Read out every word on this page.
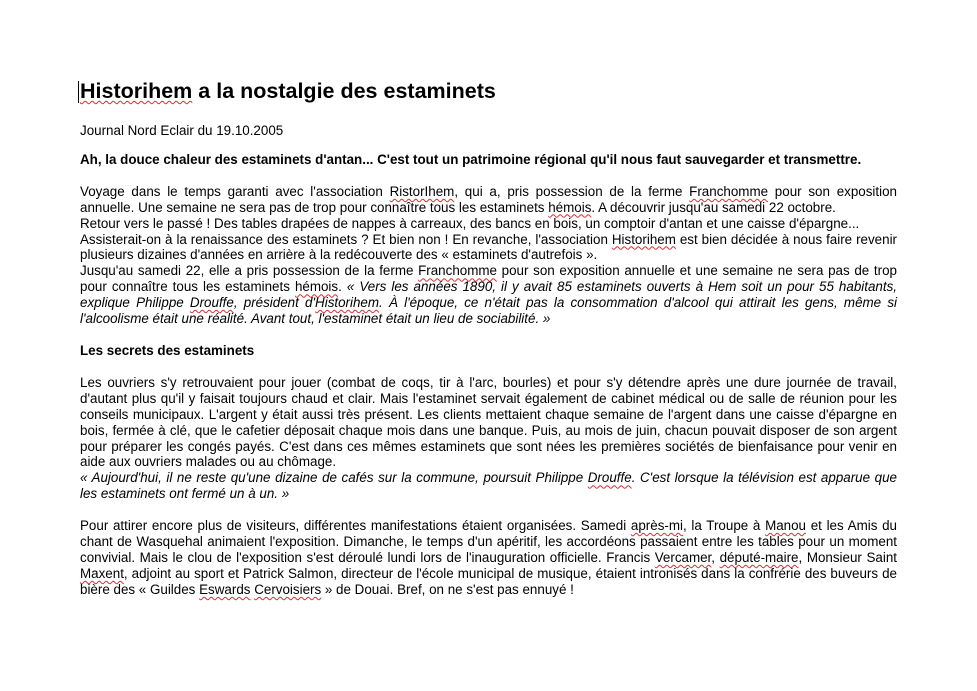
Historihem a la nostalgie des estaminets
Journal Nord Eclair du 19.10.2005
Ah, la douce chaleur des estaminets d'antan... C'est tout un patrimoine régional qu'il nous faut sauvegarder et transmettre.
Voyage dans le temps garanti avec l'association RistorIhem, qui a, pris possession de la ferme Franchomme pour son exposition annuelle. Une semaine ne sera pas de trop pour connaître tous les estaminets hémois. A découvrir jusqu'au samedi 22 octobre.
Retour vers le passé ! Des tables drapées de nappes à carreaux, des bancs en bois, un comptoir d'antan et une caisse d'épargne...
Assisterait-on à la renaissance des estaminets ? Et bien non ! En revanche, l'association Historihem est bien décidée à nous faire revenir plusieurs dizaines d'années en arrière à la redécouverte des « estaminets d'autrefois ».
Jusqu'au samedi 22, elle a pris possession de la ferme Franchomme pour son exposition annuelle et une semaine ne sera pas de trop pour connaître tous les estaminets hémois. « Vers les années 1890, il y avait 85 estaminets ouverts à Hem soit un pour 55 habitants, explique Philippe Drouffe, président d'Historihem. À l'époque, ce n'était pas la consommation d'alcool qui attirait les gens, même si l'alcoolisme était une réalité. Avant tout, l'estaminet était un lieu de sociabilité. »
Les secrets des estaminets
Les ouvriers s'y retrouvaient pour jouer (combat de coqs, tir à l'arc, bourles) et pour s'y détendre après une dure journée de travail, d'autant plus qu'il y faisait toujours chaud et clair. Mais l'estaminet servait également de cabinet médical ou de salle de réunion pour les conseils municipaux. L'argent y était aussi très présent. Les clients mettaient chaque semaine de l'argent dans une caisse d'épargne en bois, fermée à clé, que le cafetier déposait chaque mois dans une banque. Puis, au mois de juin, chacun pouvait disposer de son argent pour préparer les congés payés. C'est dans ces mêmes estaminets que sont nées les premières sociétés de bienfaisance pour venir en aide aux ouvriers malades ou au chômage.
« Aujourd'hui, il ne reste qu'une dizaine de cafés sur la commune, poursuit Philippe Drouffe. C'est lorsque la télévision est apparue que les estaminets ont fermé un à un. »
Pour attirer encore plus de visiteurs, différentes manifestations étaient organisées. Samedi après-mi, la Troupe à Manou et les Amis du chant de Wasquehal animaient l'exposition. Dimanche, le temps d'un apéritif, les accordéons passaient entre les tables pour un moment convivial. Mais le clou de l'exposition s'est déroulé lundi lors de l'inauguration officielle. Francis Vercamer, député-maire, Monsieur Saint Maxent, adjoint au sport et Patrick Salmon, directeur de l'école municipal de musique, étaient intronisés dans la confrérie des buveurs de bière des « Guildes Eswards Cervoisiers » de Douai. Bref, on ne s'est pas ennuyé !
